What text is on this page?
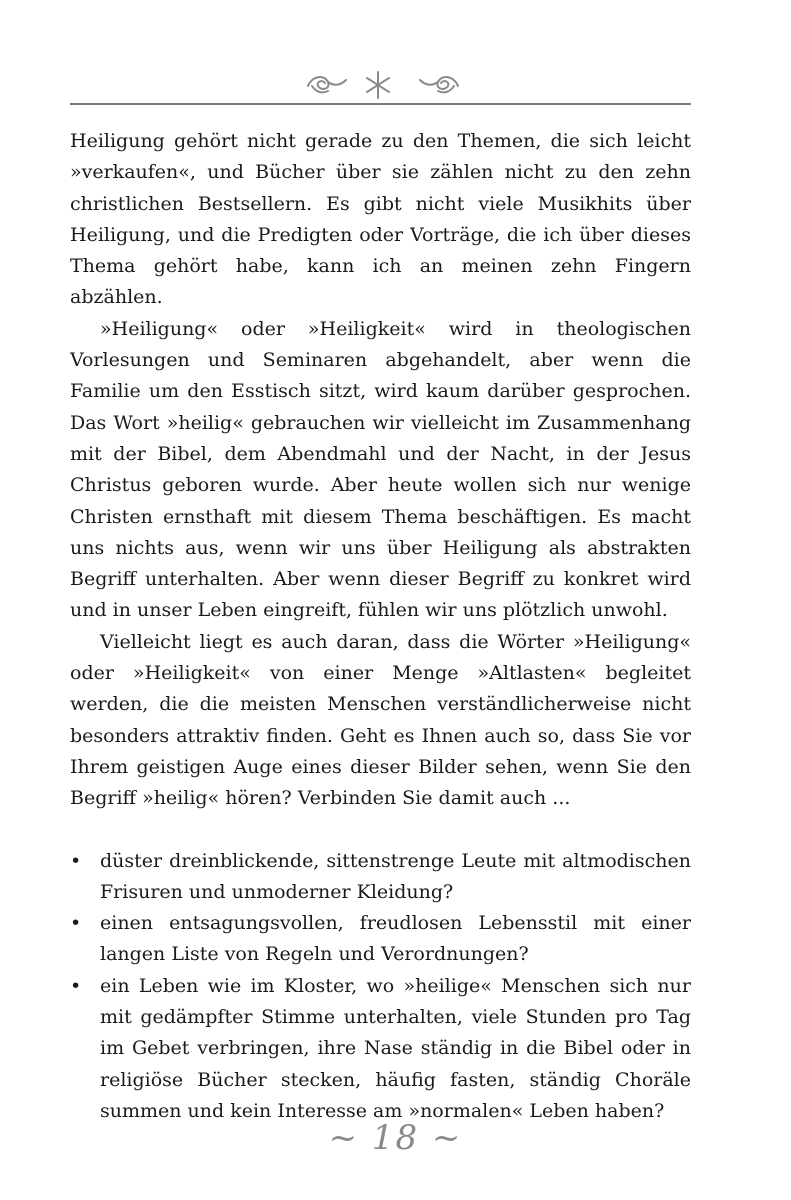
Heiligung gehört nicht gerade zu den Themen, die sich leicht »verkaufen«, und Bücher über sie zählen nicht zu den zehn christlichen Bestsellern. Es gibt nicht viele Musikhits über Heiligung, und die Predigten oder Vorträge, die ich über dieses Thema gehört habe, kann ich an meinen zehn Fingern abzählen.

»Heiligung« oder »Heiligkeit« wird in theologischen Vorlesungen und Seminaren abgehandelt, aber wenn die Familie um den Esstisch sitzt, wird kaum darüber gesprochen. Das Wort »heilig« gebrauchen wir vielleicht im Zusammenhang mit der Bibel, dem Abendmahl und der Nacht, in der Jesus Christus geboren wurde. Aber heute wollen sich nur wenige Christen ernsthaft mit diesem Thema beschäftigen. Es macht uns nichts aus, wenn wir uns über Heiligung als abstrakten Begriff unterhalten. Aber wenn dieser Begriff zu konkret wird und in unser Leben eingreift, fühlen wir uns plötzlich unwohl.

Vielleicht liegt es auch daran, dass die Wörter »Heiligung« oder »Heiligkeit« von einer Menge »Altlasten« begleitet werden, die die meisten Menschen verständlicherweise nicht besonders attraktiv finden. Geht es Ihnen auch so, dass Sie vor Ihrem geistigen Auge eines dieser Bilder sehen, wenn Sie den Begriff »heilig« hören? Verbinden Sie damit auch ...

• düster dreinblickende, sittenstrenge Leute mit altmodischen Frisuren und unmoderner Kleidung?
• einen entsagungsvollen, freudlosen Lebensstil mit einer langen Liste von Regeln und Verordnungen?
• ein Leben wie im Kloster, wo »heilige« Menschen sich nur mit gedämpfter Stimme unterhalten, viele Stunden pro Tag im Gebet verbringen, ihre Nase ständig in die Bibel oder in religiöse Bücher stecken, häufig fasten, ständig Choräle summen und kein Interesse am »normalen« Leben haben?
~ 18 ~
